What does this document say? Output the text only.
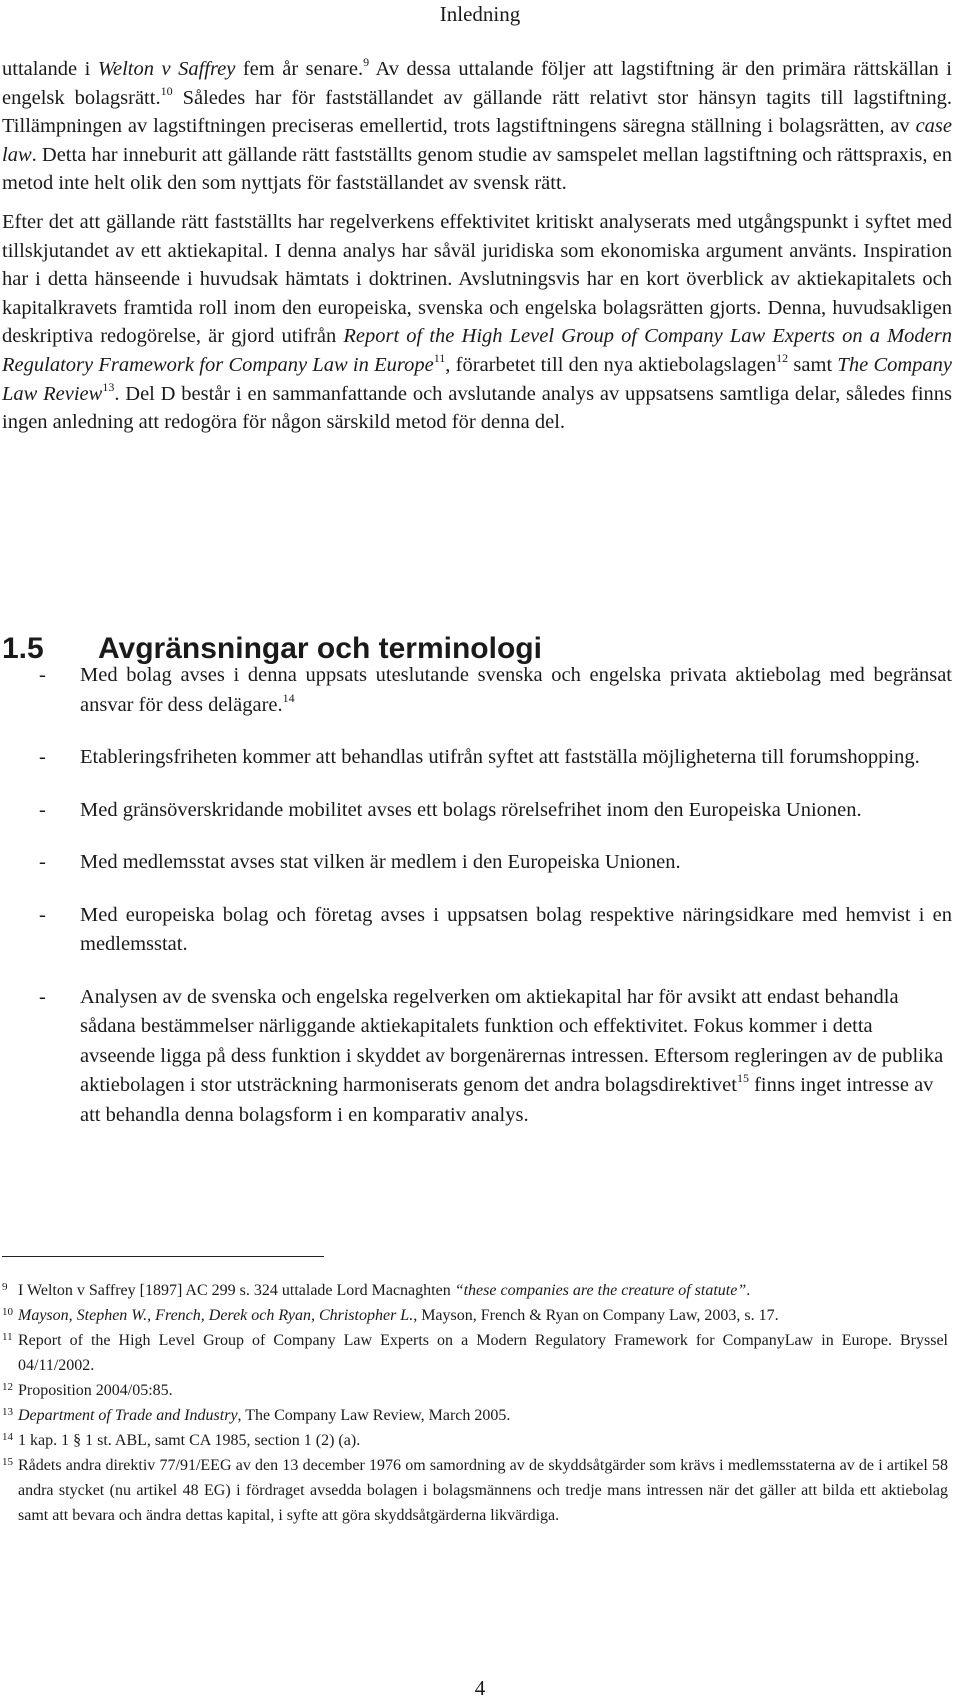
Inledning

uttalande i Welton v Saffrey fem år senare.$^9$ Av dessa uttalande följer att lagstiftning är den primära rättskällan i engelsk bolagsrätt.$^{10}$ Således har för fastställandet av gällande rätt relativt stor hänsyn tagits till lagstiftning. Tillämpningen av lagstiftningen preciseras emellertid, trots lagstiftningens säregna ställning i bolagsrätten, av case law. Detta har inneburit att gällande rätt fastställts genom studie av samspelet mellan lagstiftning och rättspraxis, en metod inte helt olik den som nyttjats för fastställandet av svensk rätt.

Efter det att gällande rätt fastställts har regelverkens effektivitet kritiskt analyserats med utgångspunkt i syftet med tillskjutandet av ett aktiekapital. I denna analys har såväl juridiska som ekonomiska argument använts. Inspiration har i detta hänseende i huvudsak hämtats i doktrinen. Avslutningsvis har en kort överblick av aktiekapitalets och kapitalkravets framtida roll inom den europeiska, svenska och engelska bolagsrätten gjorts. Denna, huvudsakligen deskriptiva redogörelse, är gjord utifrån Report of the High Level Group of Company Law Experts on a Modern Regulatory Framework for Company Law in Europe$^{11}$, förarbetet till den nya aktiebolagslagen$^{12}$ samt The Company Law Review$^{13}$. Del D består i en sammanfattande och avslutande analys av uppsatsens samtliga delar, således finns ingen anledning att redogöra för någon särskild metod för denna del.

1.5 Avgränsningar och terminologi
- Med bolag avses i denna uppsats uteslutande svenska och engelska privata aktiebolag med begränsat ansvar för dess delägare.$^{14}$
- Etableringsfriheten kommer att behandlas utifrån syftet att fastställa möjligheterna till forumshopping.
- Med gränsöverskridande mobilitet avses ett bolags rörelsefrihet inom den Europeiska Unionen.
- Med medlemsstat avses stat vilken är medlem i den Europeiska Unionen.
- Med europeiska bolag och företag avses i uppsatsen bolag respektive näringsidkare med hemvist i en medlemsstat.
- Analysen av de svenska och engelska regelverken om aktiekapital har för avsikt att endast behandla sådana bestämmelser närliggande aktiekapitalets funktion och effektivitet. Fokus kommer i detta avseende ligga på dess funktion i skyddet av borgenärernas intressen. Eftersom regleringen av de publika aktiebolagen i stor utsträckning harmoniserats genom det andra bolagsdirektivet$^{15}$ finns inget intresse av att behandla denna bolagsform i en komparativ analys.
9 I Welton v Saffrey [1897] AC 299 s. 324 uttalade Lord Macnaghten “these companies are the creature of statute”.
10 Mayson, Stephen W., French, Derek och Ryan, Christopher L., Mayson, French & Ryan on Company Law, 2003, s. 17.
11 Report of the High Level Group of Company Law Experts on a Modern Regulatory Framework for CompanyLaw in Europe. Bryssel 04/11/2002.
12 Proposition 2004/05:85.
13 Department of Trade and Industry, The Company Law Review, March 2005.
14 1 kap. 1 § 1 st. ABL, samt CA 1985, section 1 (2) (a).
15 Rådets andra direktiv 77/91/EEG av den 13 december 1976 om samordning av de skyddsåtgärder som krävs i medlemsstaterna av de i artikel 58 andra stycket (nu artikel 48 EG) i fördraget avsedda bolagen i bolagsmännens och tredje mans intressen när det gäller att bilda ett aktiebolag samt att bevara och ändra dettas kapital, i syfte att göra skyddsåtgärderna likvärdiga.
4
